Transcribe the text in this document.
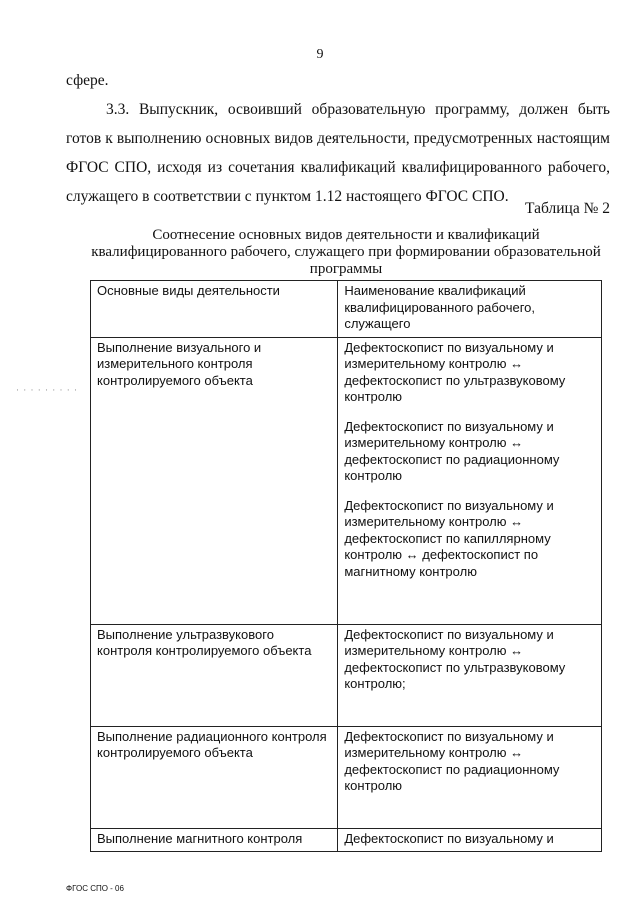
9
сфере.
3.3. Выпускник, освоивший образовательную программу, должен быть готов к выполнению основных видов деятельности, предусмотренных настоящим ФГОС СПО, исходя из сочетания квалификаций квалифицированного рабочего, служащего в соответствии с пунктом 1.12 настоящего ФГОС СПО.
Таблица № 2
Соотнесение основных видов деятельности и квалификаций квалифицированного рабочего, служащего при формировании образовательной программы
Основные виды деятельности	Наименование квалификаций квалифицированного рабочего, служащего
Выполнение визуального и измерительного контроля контролируемого объекта	Дефектоскопист по визуальному и измерительному контролю ↔ дефектоскопист по ультразвуковому контролю
Дефектоскопист по визуальному и измерительному контролю ↔ дефектоскопист по радиационному контролю
Дефектоскопист по визуальному и измерительному контролю ↔ дефектоскопист по капиллярному контролю ↔ дефектоскопист по магнитному контролю

Выполнение ультразвукового контроля контролируемого объекта	Дефектоскопист по визуальному и измерительному контролю ↔ дефектоскопист по ультразвуковому контролю;

Выполнение радиационного контроля контролируемого объекта	Дефектоскопист по визуальному и измерительному контролю ↔ дефектоскопист по радиационному контролю

Выполнение магнитного контроля	Дефектоскопист по визуальному и
· · · · · · · · ·
ФГОС СПО - 06
